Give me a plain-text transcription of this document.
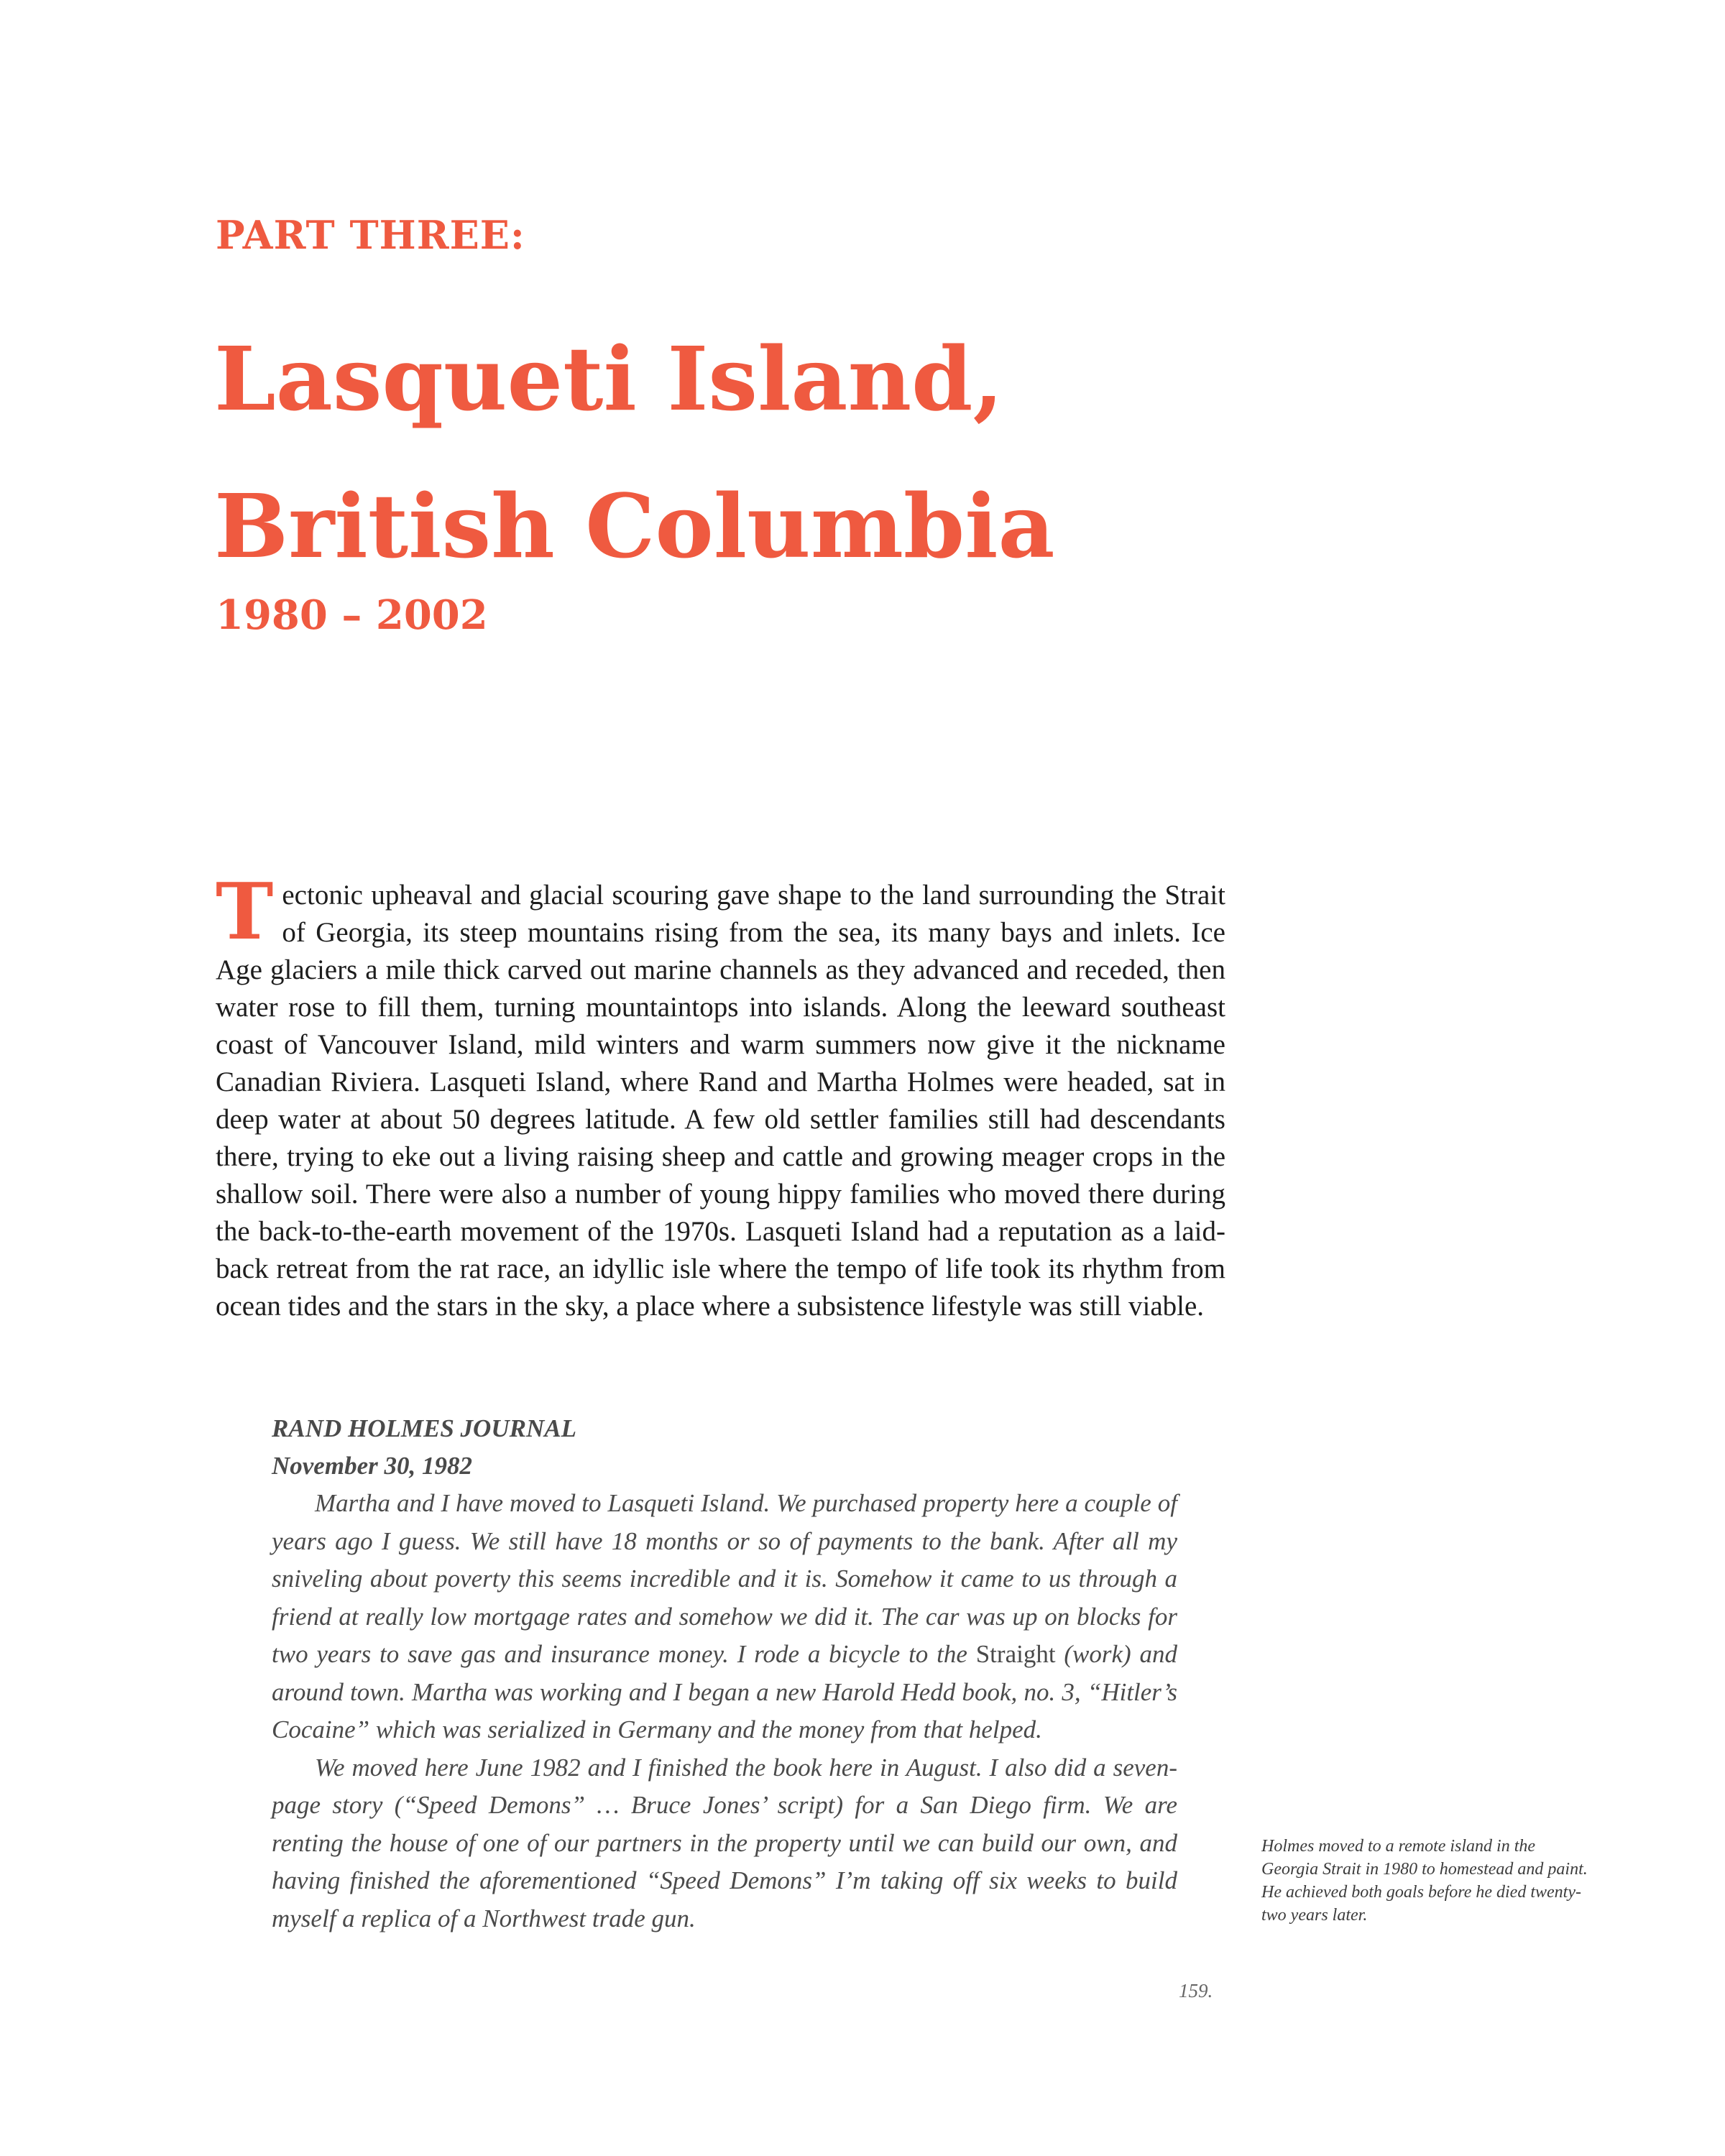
PART THREE:
Lasqueti Island,
British Columbia
1980 – 2002

Tectonic upheaval and glacial scouring gave shape to the land surrounding the Strait of Georgia, its steep mountains rising from the sea, its many bays and inlets. Ice Age glaciers a mile thick carved out marine channels as they advanced and receded, then water rose to fill them, turning mountaintops into islands. Along the leeward southeast coast of Vancouver Island, mild winters and warm summers now give it the nickname Canadian Riviera. Lasqueti Island, where Rand and Martha Holmes were headed, sat in deep water at about 50 degrees latitude. A few old settler families still had descendants there, trying to eke out a living raising sheep and cattle and growing meager crops in the shallow soil. There were also a number of young hippy families who moved there during the back-to-the-earth movement of the 1970s. Lasqueti Island had a reputation as a laid-back retreat from the rat race, an idyllic isle where the tempo of life took its rhythm from ocean tides and the stars in the sky, a place where a subsistence lifestyle was still viable.

RAND HOLMES JOURNAL

November 30, 1982

Martha and I have moved to Lasqueti Island. We purchased property here a couple of years ago I guess. We still have 18 months or so of payments to the bank. After all my sniveling about poverty this seems incredible and it is. Somehow it came to us through a friend at really low mortgage rates and somehow we did it. The car was up on blocks for two years to save gas and insurance money. I rode a bicycle to the Straight (work) and around town. Martha was working and I began a new Harold Hedd book, no. 3, “Hitler’s Cocaine” which was serialized in Germany and the money from that helped.

We moved here June 1982 and I finished the book here in August. I also did a seven-page story (“Speed Demons” … Bruce Jones’ script) for a San Diego firm. We are renting the house of one of our partners in the property until we can build our own, and having finished the aforementioned “Speed Demons” I’m taking off six weeks to build myself a replica of a Northwest trade gun.

Holmes moved to a remote island in the Georgia Strait in 1980 to homestead and paint. He achieved both goals before he died twenty-two years later.

159.
